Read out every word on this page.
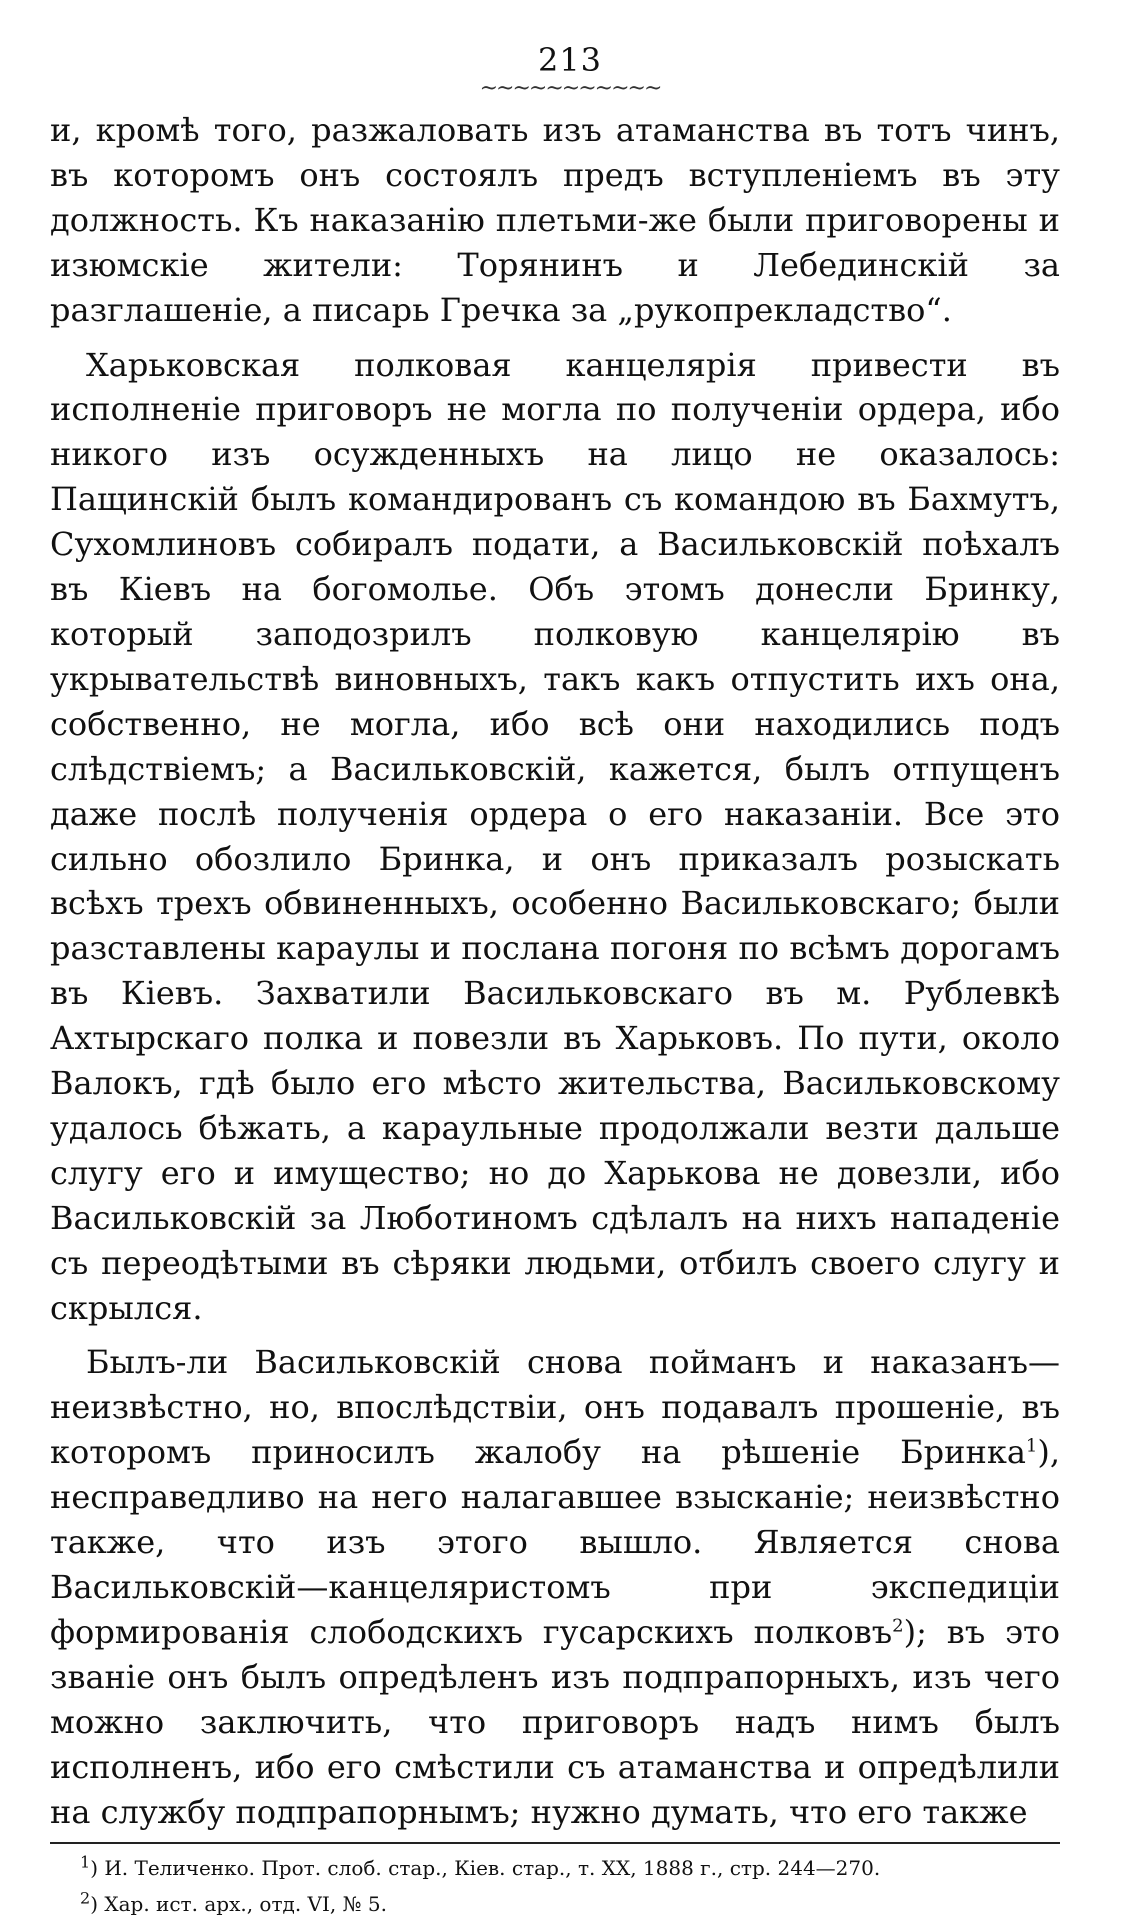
213
~~~~~~~~~~~

и, кромѣ того, разжаловать изъ атаманства въ тотъ чинъ, въ которомъ онъ состоялъ предъ вступленіемъ въ эту должность. Къ наказанію плетьми-же были приговорены и изюмскіе жители: Торянинъ и Лебединскій за разглашеніе, а писарь Гречка за „рукопрекладство“.

Харьковская полковая канцелярія привести въ исполненіе приговоръ не могла по полученіи ордера, ибо никого изъ осужденныхъ на лицо не оказалось: Пащинскій былъ командированъ съ командою въ Бахмутъ, Сухомлиновъ собиралъ подати, а Васильковскій поѣхалъ въ Кіевъ на богомолье. Объ этомъ донесли Бринку, который заподозрилъ полковую канцелярію въ укрывательствѣ виновныхъ, такъ какъ отпустить ихъ она, собственно, не могла, ибо всѣ они находились подъ слѣдствіемъ; а Васильковскій, кажется, былъ отпущенъ даже послѣ полученія ордера о его наказаніи. Все это сильно обозлило Бринка, и онъ приказалъ розыскать всѣхъ трехъ обвиненныхъ, особенно Васильковскаго; были разставлены караулы и послана погоня по всѣмъ дорогамъ въ Кіевъ. Захватили Васильковскаго въ м. Рублевкѣ Ахтырскаго полка и повезли въ Харьковъ. По пути, около Валокъ, гдѣ было его мѣсто жительства, Васильковскому удалось бѣжать, а караульные продолжали везти дальше слугу его и имущество; но до Харькова не довезли, ибо Васильковскій за Люботиномъ сдѣлалъ на нихъ нападеніе съ переодѣтыми въ сѣряки людьми, отбилъ своего слугу и скрылся.

Былъ-ли Васильковскій снова пойманъ и наказанъ—неизвѣстно, но, впослѣдствіи, онъ подавалъ прошеніе, въ которомъ приносилъ жалобу на рѣшеніе Бринка$^1$), несправедливо на него налагавшее взысканіе; неизвѣстно также, что изъ этого вышло. Является снова Васильковскій—канцеляристомъ при экспедиціи формированія слободскихъ гусарскихъ полковъ$^2$); въ это званіе онъ былъ опредѣленъ изъ подпрапорныхъ, изъ чего можно заключить, что приговоръ надъ нимъ былъ исполненъ, ибо его смѣстили съ атаманства и опредѣлили на службу подпрапорнымъ; нужно думать, что его также

$^1$) И. Теличенко. Прот. слоб. стар., Кіев. стар., т. XX, 1888 г., стр. 244—270.
$^2$) Хар. ист. арх., отд. VI, № 5.
